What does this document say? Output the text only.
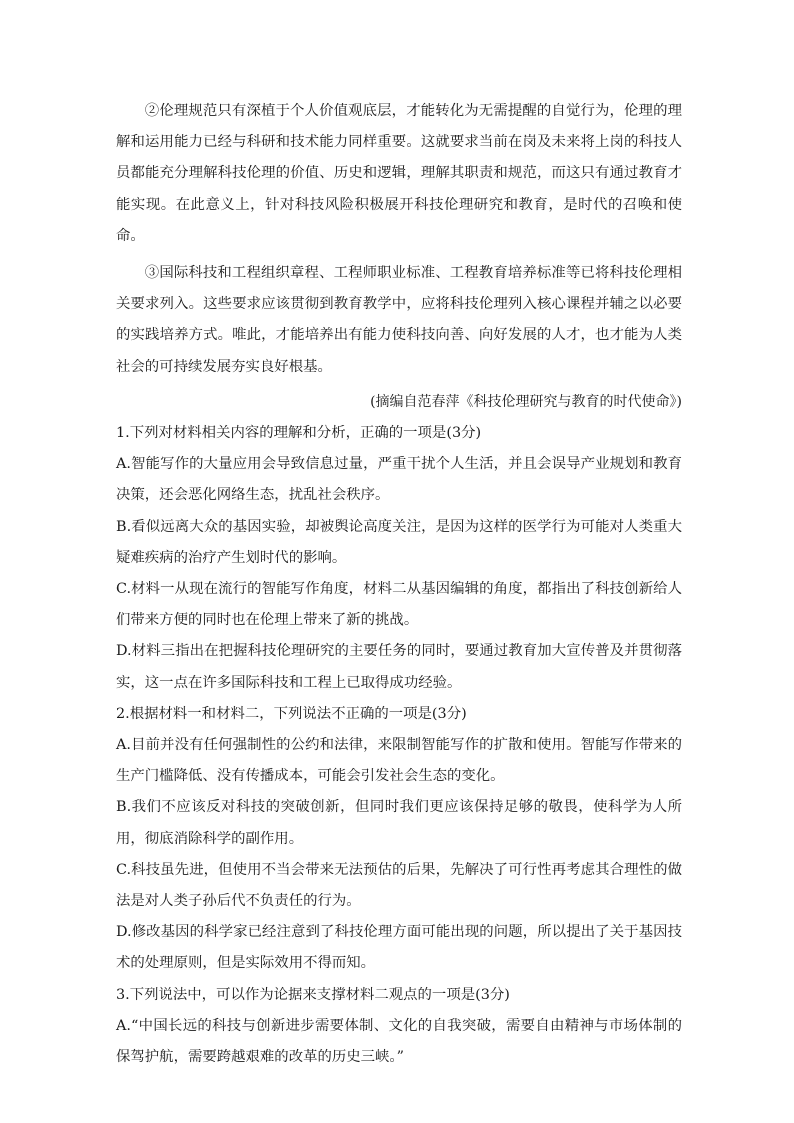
②伦理规范只有深植于个人价值观底层，才能转化为无需提醒的自觉行为，伦理的理解和运用能力已经与科研和技术能力同样重要。这就要求当前在岗及未来将上岗的科技人员都能充分理解科技伦理的价值、历史和逻辑，理解其职责和规范，而这只有通过教育才能实现。在此意义上，针对科技风险积极展开科技伦理研究和教育，是时代的召唤和使命。

③国际科技和工程组织章程、工程师职业标准、工程教育培养标准等已将科技伦理相关要求列入。这些要求应该贯彻到教育教学中，应将科技伦理列入核心课程并辅之以必要的实践培养方式。唯此，才能培养出有能力使科技向善、向好发展的人才，也才能为人类社会的可持续发展夯实良好根基。

(摘编自范春萍《科技伦理研究与教育的时代使命》)

1.下列对材料相关内容的理解和分析，正确的一项是(3分)

A.智能写作的大量应用会导致信息过量，严重干扰个人生活，并且会误导产业规划和教育决策，还会恶化网络生态，扰乱社会秩序。

B.看似远离大众的基因实验，却被舆论高度关注，是因为这样的医学行为可能对人类重大疑难疾病的治疗产生划时代的影响。

C.材料一从现在流行的智能写作角度，材料二从基因编辑的角度，都指出了科技创新给人们带来方便的同时也在伦理上带来了新的挑战。

D.材料三指出在把握科技伦理研究的主要任务的同时，要通过教育加大宣传普及并贯彻落实，这一点在许多国际科技和工程上已取得成功经验。

2.根据材料一和材料二，下列说法不正确的一项是(3分)

A.目前并没有任何强制性的公约和法律，来限制智能写作的扩散和使用。智能写作带来的生产门槛降低、没有传播成本，可能会引发社会生态的变化。

B.我们不应该反对科技的突破创新，但同时我们更应该保持足够的敬畏，使科学为人所用，彻底消除科学的副作用。

C.科技虽先进，但使用不当会带来无法预估的后果，先解决了可行性再考虑其合理性的做法是对人类子孙后代不负责任的行为。

D.修改基因的科学家已经注意到了科技伦理方面可能出现的问题，所以提出了关于基因技术的处理原则，但是实际效用不得而知。

3.下列说法中，可以作为论据来支撑材料二观点的一项是(3分)

A.“中国长远的科技与创新进步需要体制、文化的自我突破，需要自由精神与市场体制的保驾护航，需要跨越艰难的改革的历史三峡。”
